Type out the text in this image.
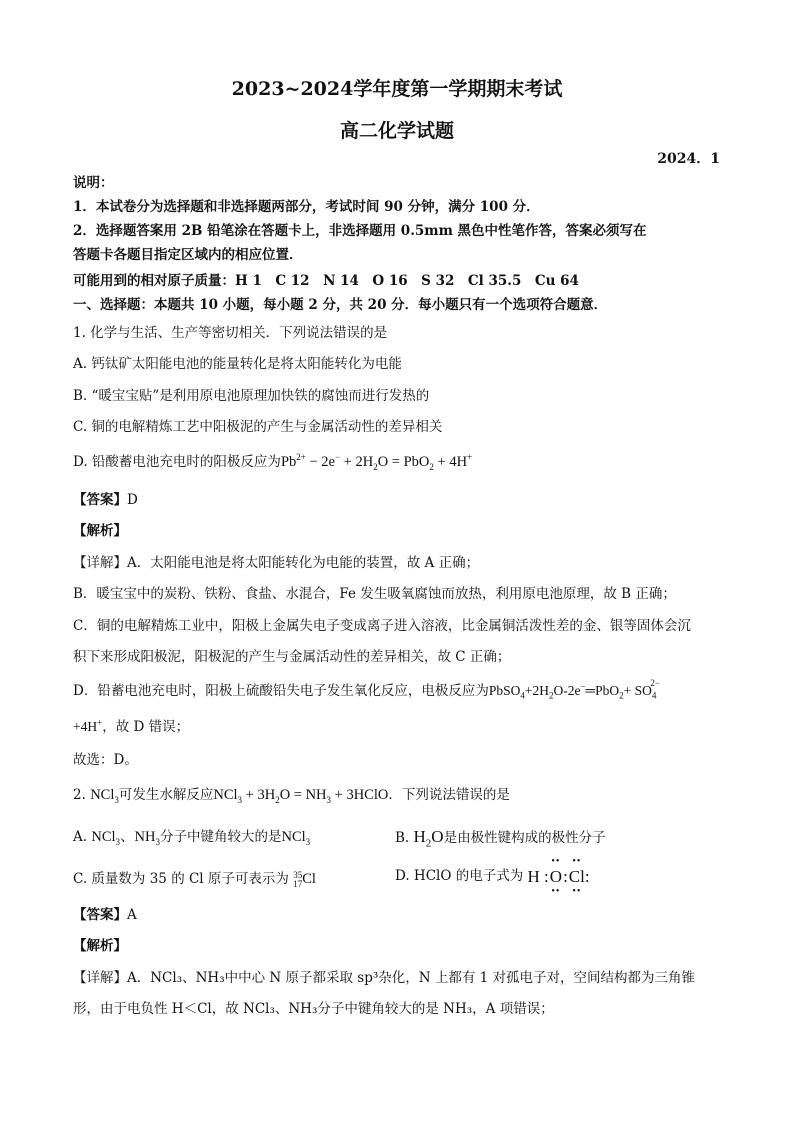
2023~2024学年度第一学期期末考试
高二化学试题
2024．1
说明：
1．本试卷分为选择题和非选择题两部分，考试时间 90 分钟，满分 100 分．
2．选择题答案用 2B 铅笔涂在答题卡上，非选择题用 0.5mm 黑色中性笔作答，答案必须写在
答题卡各题目指定区域内的相应位置．
可能用到的相对原子质量：H 1　C 12　N 14　O 16　S 32　Cl 35.5　Cu 64
一、选择题：本题共 10 小题，每小题 2 分，共 20 分．每小题只有一个选项符合题意．
1. 化学与生活、生产等密切相关．下列说法错误的是
A. 钙钛矿太阳能电池的能量转化是将太阳能转化为电能
B. “暖宝宝贴”是利用原电池原理加快铁的腐蚀而进行发热的
C. 铜的电解精炼工艺中阳极泥的产生与金属活动性的差异相关
D. 铅酸蓄电池充电时的阳极反应为$Pb^{2+} - 2e^- + 2H_2O = PbO_2 + 4H^+$
【答案】D
【解析】
【详解】A．太阳能电池是将太阳能转化为电能的装置，故 A 正确；
B．暖宝宝中的炭粉、铁粉、食盐、水混合，Fe 发生吸氧腐蚀而放热，利用原电池原理，故 B 正确；
C．铜的电解精炼工业中，阳极上金属失电子变成离子进入溶液，比金属铜活泼性差的金、银等固体会沉
积下来形成阳极泥，阳极泥的产生与金属活动性的差异相关，故 C 正确；
D．铅蓄电池充电时，阳极上硫酸铅失电子发生氧化反应，电极反应为$PbSO_4+2H_2O-2e^-═PbO_2+ SO_4^{2-}$
+4H+，故 D 错误；
故选：D。
2. NCl$_3$可发生水解反应$NCl_3 + 3H_2O = NH_3$ + 3HClO．下列说法错误的是
A. NCl$_3$、$NH_3$分子中键角较大的是NCl$_3$	B. $H_2O$是由极性键构成的极性分子
C. 质量数为 35 的 Cl 原子可表示为 35
17Cl	D. HClO 的电子式为 H :O
••
••
:Cl
••
••
:
【答案】A
【解析】
【详解】A．NCl₃、NH₃中中心 N 原子都采取 sp³杂化，N 上都有 1 对孤电子对，空间结构都为三角锥
形，由于电负性 H＜Cl，故 NCl₃、NH₃分子中键角较大的是 NH₃，A 项错误；
